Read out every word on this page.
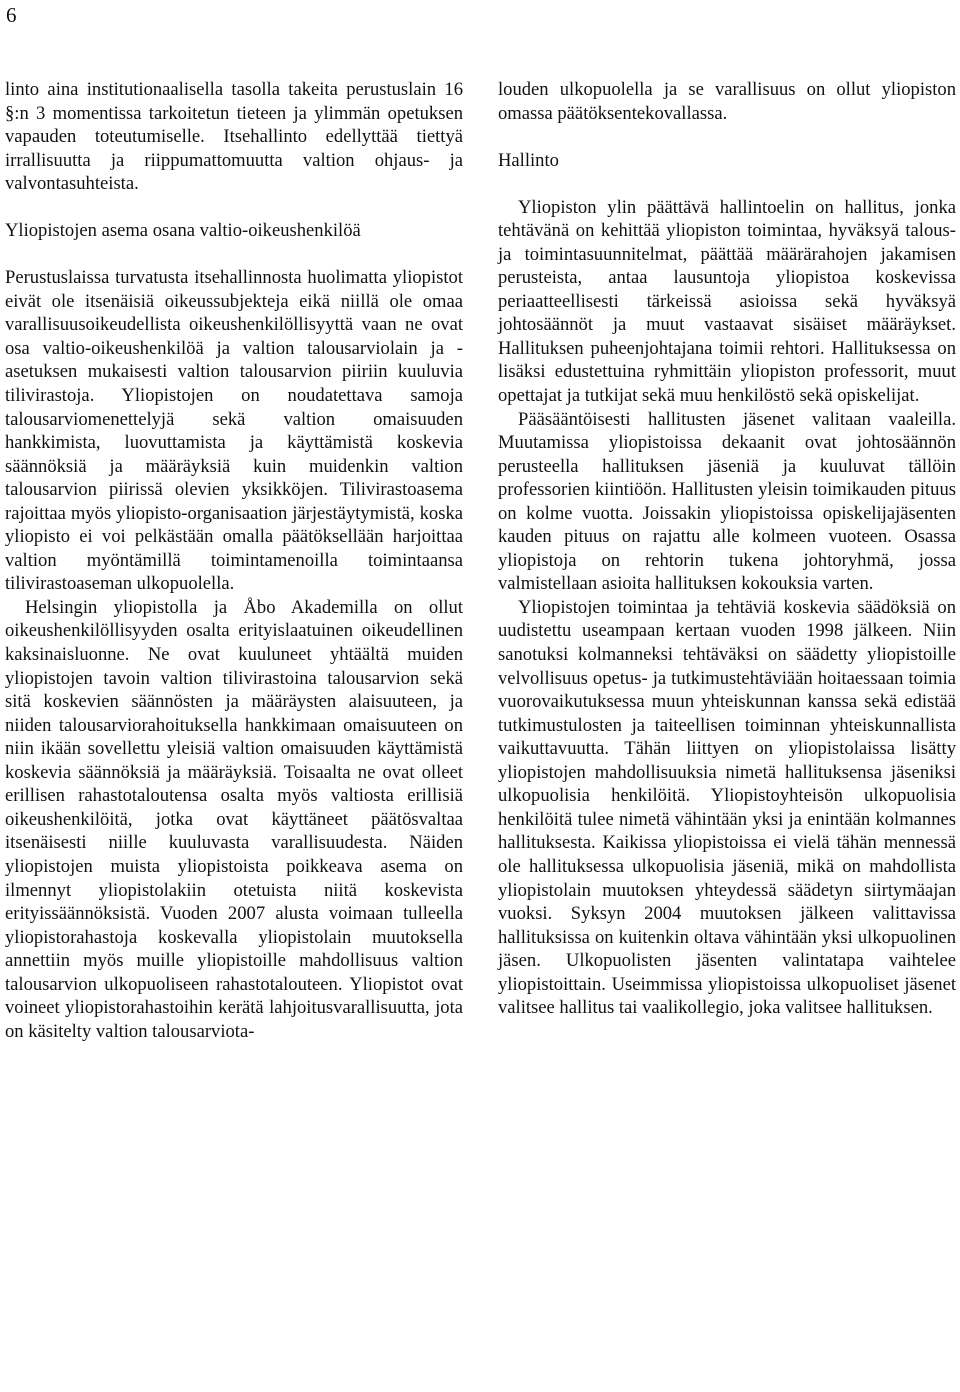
6

linto aina institutionaalisella tasolla takeita perustuslain 16 §:n 3 momentissa tarkoitetun tieteen ja ylimmän opetuksen vapauden toteutumiselle. Itsehallinto edellyttää tiettyä irrallisuutta ja riippumattomuutta valtion ohjaus- ja valvontasuhteista.

Yliopistojen asema osana valtio-oikeushenkilöä

Perustuslaissa turvatusta itsehallinnosta huolimatta yliopistot eivät ole itsenäisiä oikeussubjekteja eikä niillä ole omaa varallisuusoikeudellista oikeushenkilöllisyyttä vaan ne ovat osa valtio-oikeushenkilöä ja valtion talousarviolain ja -asetuksen mukaisesti valtion talousarvion piiriin kuuluvia tilivirastoja. Yliopistojen on noudatettava samoja talousarviomenettelyjä sekä valtion omaisuuden hankkimista, luovuttamista ja käyttämistä koskevia säännöksiä ja määräyksiä kuin muidenkin valtion talousarvion piirissä olevien yksikköjen. Tilivirastoasema rajoittaa myös yliopisto-organisaation järjestäytymistä, koska yliopisto ei voi pelkästään omalla päätöksellään harjoittaa valtion myöntämillä toimintamenoilla toimintaansa tilivirastoaseman ulkopuolella.

Helsingin yliopistolla ja Åbo Akademilla on ollut oikeushenkilöllisyyden osalta erityislaatuinen oikeudellinen kaksinaisluonne. Ne ovat kuuluneet yhtäältä muiden yliopistojen tavoin valtion tilivirastoina talousarvion sekä sitä koskevien säännösten ja määräysten alaisuuteen, ja niiden talousarviorahoituksella hankkimaan omaisuuteen on niin ikään sovellettu yleisiä valtion omaisuuden käyttämistä koskevia säännöksiä ja määräyksiä. Toisaalta ne ovat olleet erillisen rahastotaloutensa osalta myös valtiosta erillisiä oikeushenkilöitä, jotka ovat käyttäneet päätösvaltaa itsenäisesti niille kuuluvasta varallisuudesta. Näiden yliopistojen muista yliopistoista poikkeava asema on ilmennyt yliopistolakiin otetuista niitä koskevista erityissäännöksistä. Vuoden 2007 alusta voimaan tulleella yliopistorahastoja koskevalla yliopistolain muutoksella annettiin myös muille yliopistoille mahdollisuus valtion talousarvion ulkopuoliseen rahastotalouteen. Yliopistot ovat voineet yliopistorahastoihin kerätä lahjoitusvarallisuutta, jota on käsitelty valtion talousarviota-

louden ulkopuolella ja se varallisuus on ollut yliopiston omassa päätöksentekovallassa.

Hallinto

Yliopiston ylin päättävä hallintoelin on hallitus, jonka tehtävänä on kehittää yliopiston toimintaa, hyväksyä talous- ja toimintasuunnitelmat, päättää määrärahojen jakamisen perusteista, antaa lausuntoja yliopistoa koskevissa periaatteellisesti tärkeissä asioissa sekä hyväksyä johtosäännöt ja muut vastaavat sisäiset määräykset. Hallituksen puheenjohtajana toimii rehtori. Hallituksessa on lisäksi edustettuina ryhmittäin yliopiston professorit, muut opettajat ja tutkijat sekä muu henkilöstö sekä opiskelijat.

Pääsääntöisesti hallitusten jäsenet valitaan vaaleilla. Muutamissa yliopistoissa dekaanit ovat johtosäännön perusteella hallituksen jäseniä ja kuuluvat tällöin professorien kiintiöön. Hallitusten yleisin toimikauden pituus on kolme vuotta. Joissakin yliopistoissa opiskelijajäsenten kauden pituus on rajattu alle kolmeen vuoteen. Osassa yliopistoja on rehtorin tukena johtoryhmä, jossa valmistellaan asioita hallituksen kokouksia varten.

Yliopistojen toimintaa ja tehtäviä koskevia säädöksiä on uudistettu useampaan kertaan vuoden 1998 jälkeen. Niin sanotuksi kolmanneksi tehtäväksi on säädetty yliopistoille velvollisuus opetus- ja tutkimustehtäviään hoitaessaan toimia vuorovaikutuksessa muun yhteiskunnan kanssa sekä edistää tutkimustulosten ja taiteellisen toiminnan yhteiskunnallista vaikuttavuutta. Tähän liittyen on yliopistolaissa lisätty yliopistojen mahdollisuuksia nimetä hallituksensa jäseniksi ulkopuolisia henkilöitä. Yliopistoyhteisön ulkopuolisia henkilöitä tulee nimetä vähintään yksi ja enintään kolmannes hallituksesta. Kaikissa yliopistoissa ei vielä tähän mennessä ole hallituksessa ulkopuolisia jäseniä, mikä on mahdollista yliopistolain muutoksen yhteydessä säädetyn siirtymäajan vuoksi. Syksyn 2004 muutoksen jälkeen valittavissa hallituksissa on kuitenkin oltava vähintään yksi ulkopuolinen jäsen. Ulkopuolisten jäsenten valintatapa vaihtelee yliopistoittain. Useimmissa yliopistoissa ulkopuoliset jäsenet valitsee hallitus tai vaalikollegio, joka valitsee hallituksen.
